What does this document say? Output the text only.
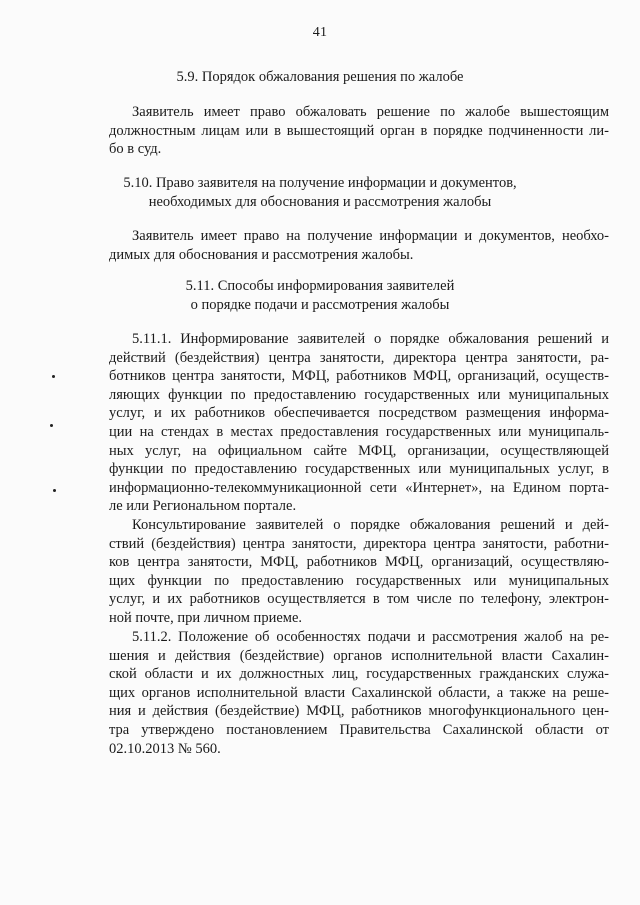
41
5.9. Порядок обжалования решения по жалобе
Заявитель имеет право обжаловать решение по жалобе вышестоящим
должностным лицам или в вышестоящий орган в порядке подчиненности ли-
бо в суд.
5.10. Право заявителя на получение информации и документов,
необходимых для обоснования и рассмотрения жалобы
Заявитель имеет право на получение информации и документов, необхо-
димых для обоснования и рассмотрения жалобы.
5.11. Способы информирования заявителей
о порядке подачи и рассмотрения жалобы
5.11.1. Информирование заявителей о порядке обжалования решений и
действий (бездействия) центра занятости, директора центра занятости, ра-
ботников центра занятости, МФЦ, работников МФЦ, организаций, осуществ-
ляющих функции по предоставлению государственных или муниципальных
услуг, и их работников обеспечивается посредством размещения информа-
ции на стендах в местах предоставления государственных или муниципаль-
ных услуг, на официальном сайте МФЦ, организации, осуществляющей
функции по предоставлению государственных или муниципальных услуг, в
информационно-телекоммуникационной сети «Интернет», на Едином порта-
ле или Региональном портале.
Консультирование заявителей о порядке обжалования решений и дей-
ствий (бездействия) центра занятости, директора центра занятости, работни-
ков центра занятости, МФЦ, работников МФЦ, организаций, осуществляю-
щих функции по предоставлению государственных или муниципальных
услуг, и их работников осуществляется в том числе по телефону, электрон-
ной почте, при личном приеме.
5.11.2. Положение об особенностях подачи и рассмотрения жалоб на ре-
шения и действия (бездействие) органов исполнительной власти Сахалин-
ской области и их должностных лиц, государственных гражданских служа-
щих органов исполнительной власти Сахалинской области, а также на реше-
ния и действия (бездействие) МФЦ, работников многофункционального цен-
тра утверждено постановлением Правительства Сахалинской области от
02.10.2013 № 560.
